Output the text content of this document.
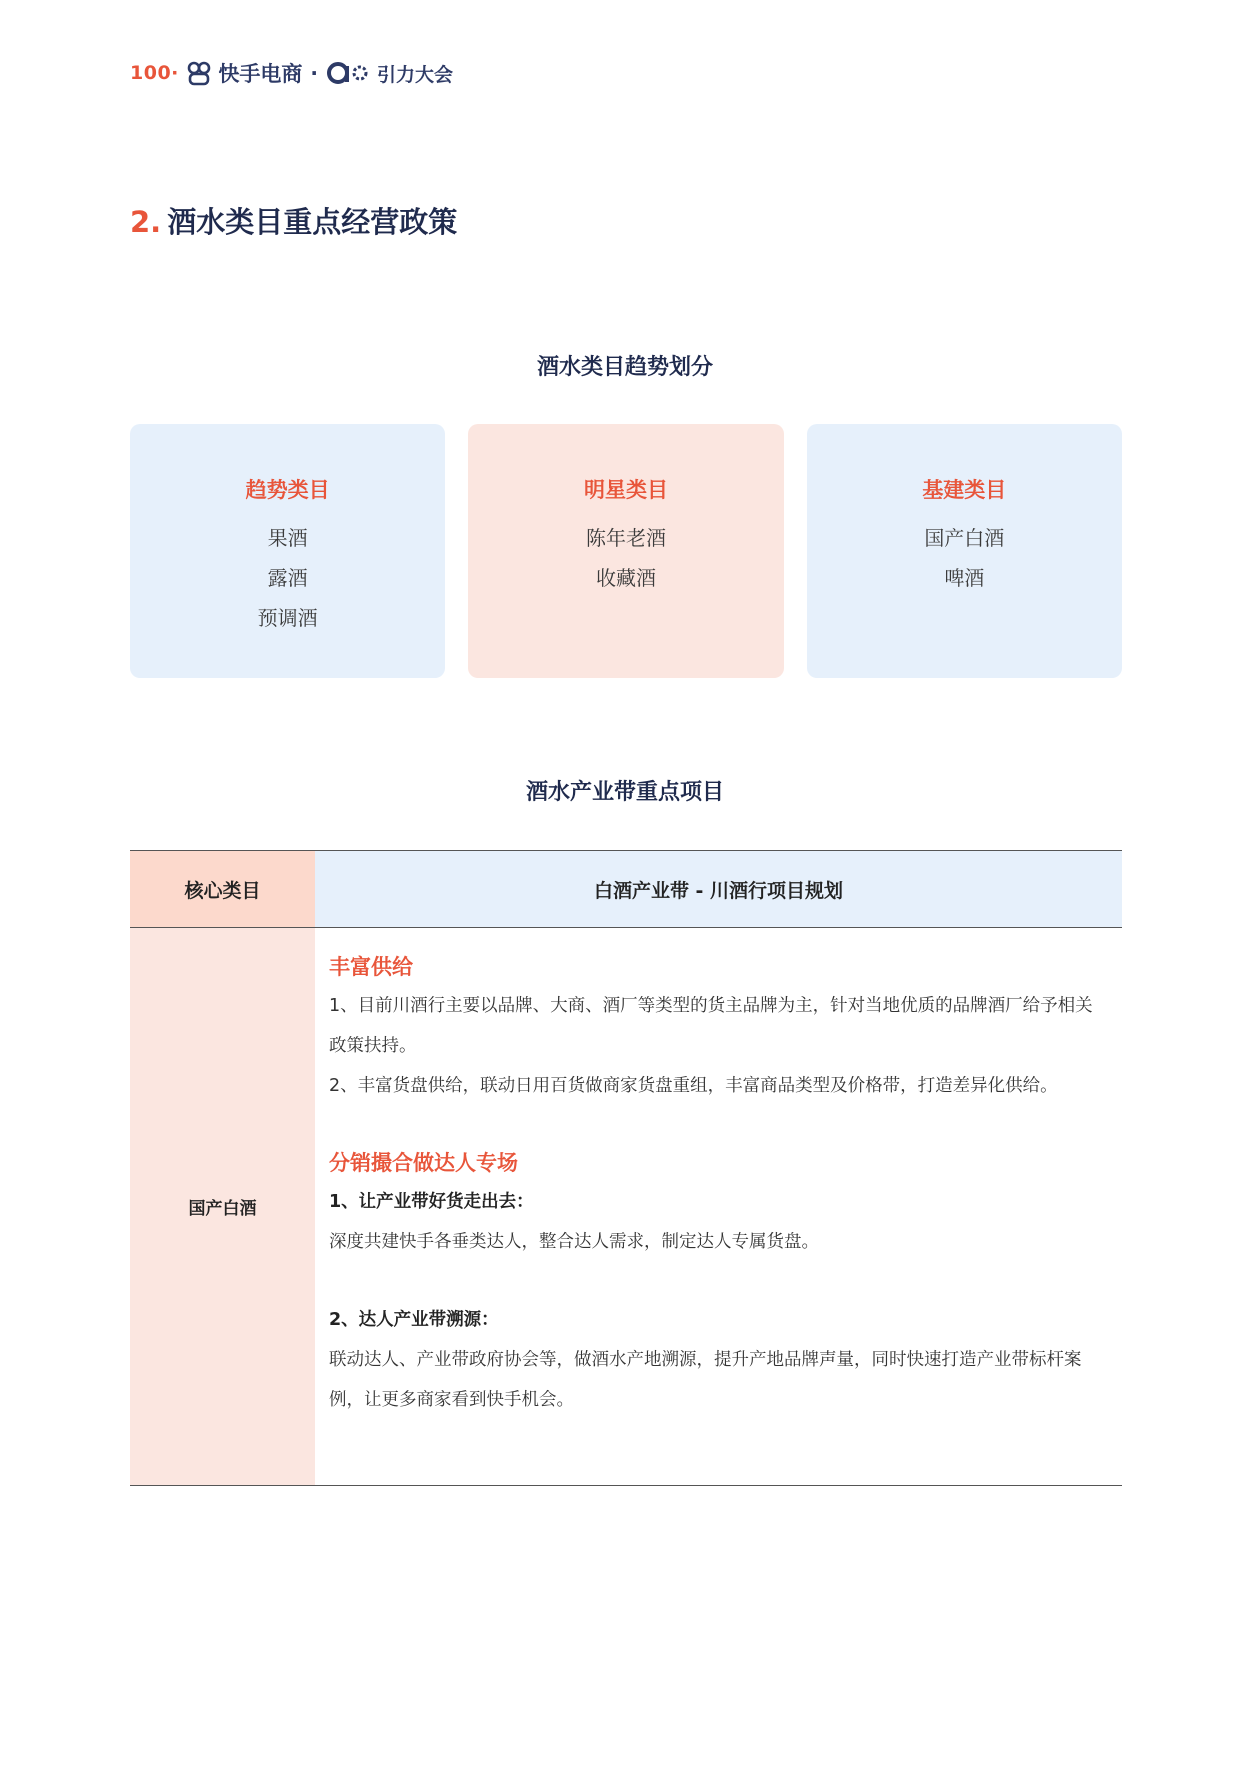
100 · 快手电商 ·	引力大会
2. 酒水类目重点经营政策
酒水类目趋势划分
趋势类目
果酒
露酒
预调酒
明星类目
陈年老酒
收藏酒
基建类目
国产白酒
啤酒
酒水产业带重点项目
核心类目	白酒产业带 - 川酒行项目规划
国产白酒
丰富供给
1、目前川酒行主要以品牌、大商、酒厂等类型的货主品牌为主，针对当地优质的品牌酒厂给予相关政策扶持。
2、丰富货盘供给，联动日用百货做商家货盘重组，丰富商品类型及价格带，打造差异化供给。
分销撮合做达人专场
1、让产业带好货走出去：
深度共建快手各垂类达人，整合达人需求，制定达人专属货盘。
2、达人产业带溯源：
联动达人、产业带政府协会等，做酒水产地溯源，提升产地品牌声量，同时快速打造产业带标杆案例，让更多商家看到快手机会。
